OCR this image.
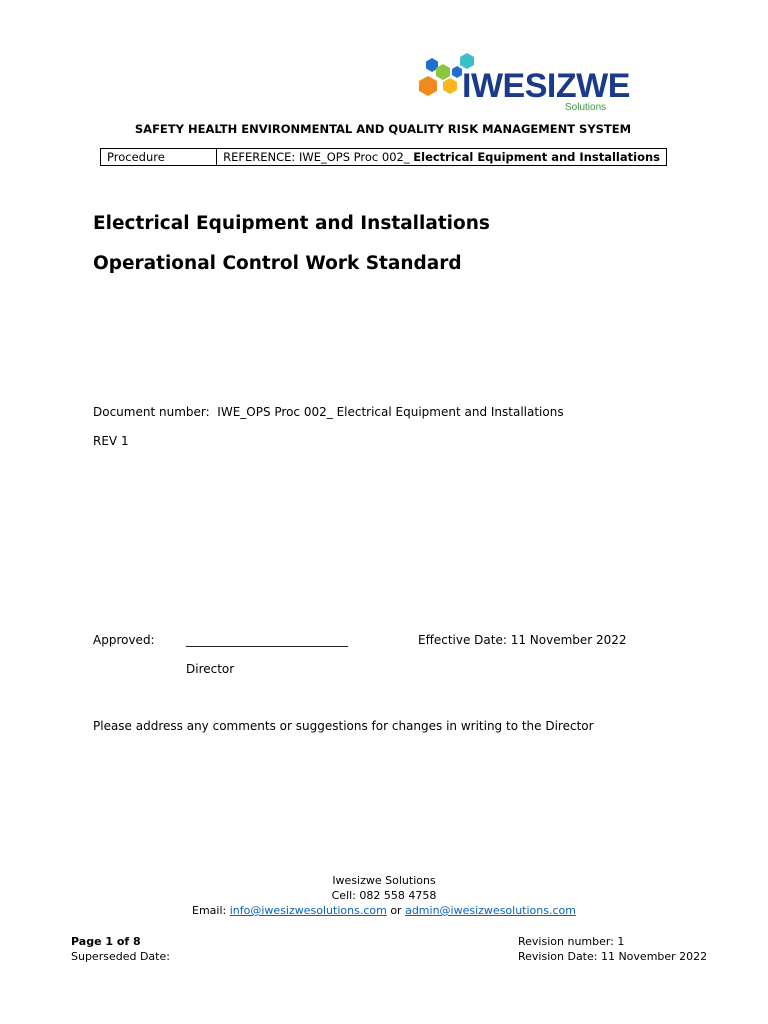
IWESIZWE
Solutions
SAFETY HEALTH ENVIRONMENTAL AND QUALITY RISK MANAGEMENT SYSTEM
Procedure	REFERENCE: IWE_OPS Proc 002_ Electrical Equipment and Installations
Electrical Equipment and Installations
Operational Control Work Standard
Document number: IWE_OPS Proc 002_ Electrical Equipment and Installations
REV 1
Approved:	___________________________	Effective Date: 11 November 2022
Director
Please address any comments or suggestions for changes in writing to the Director
Iwesizwe Solutions
Cell: 082 558 4758
Email: info@iwesizwesolutions.com or admin@iwesizwesolutions.com
Page 1 of 8
Superseded Date:
Revision number: 1
Revision Date: 11 November 2022
